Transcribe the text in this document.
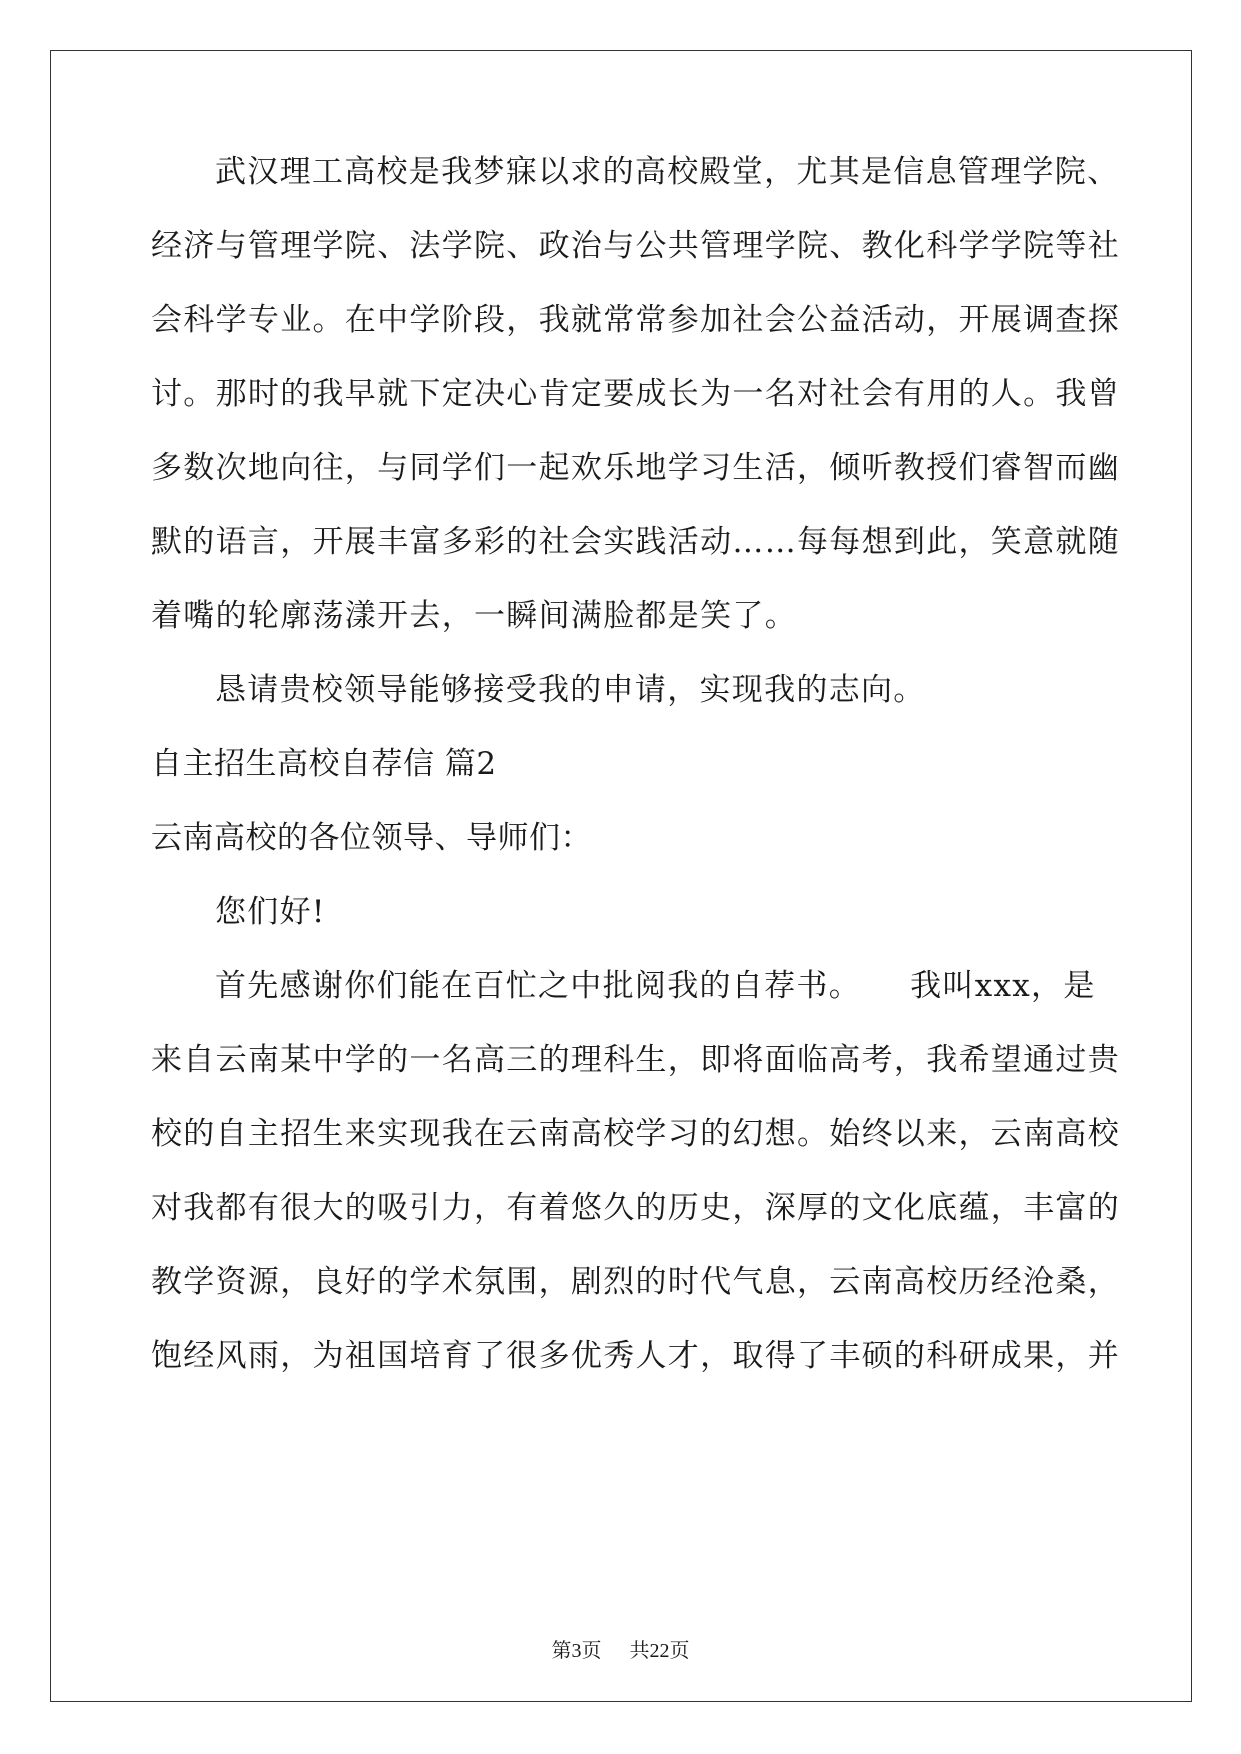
武汉理工高校是我梦寐以求的高校殿堂，尤其是信息管理学院、
经济与管理学院、法学院、政治与公共管理学院、教化科学学院等社
会科学专业。在中学阶段，我就常常参加社会公益活动，开展调查探
讨。那时的我早就下定决心肯定要成长为一名对社会有用的人。我曾
多数次地向往，与同学们一起欢乐地学习生活，倾听教授们睿智而幽
默的语言，开展丰富多彩的社会实践活动……每每想到此，笑意就随
着嘴的轮廓荡漾开去，一瞬间满脸都是笑了。
恳请贵校领导能够接受我的申请，实现我的志向。
自主招生高校自荐信 篇2
云南高校的各位领导、导师们：
您们好!
首先感谢你们能在百忙之中批阅我的自荐书。　　我叫xxx，是
来自云南某中学的一名高三的理科生，即将面临高考，我希望通过贵
校的自主招生来实现我在云南高校学习的幻想。始终以来，云南高校
对我都有很大的吸引力，有着悠久的历史，深厚的文化底蕴，丰富的
教学资源，良好的学术氛围，剧烈的时代气息，云南高校历经沧桑，
饱经风雨，为祖国培育了很多优秀人才，取得了丰硕的科研成果，并
第3页 共22页
